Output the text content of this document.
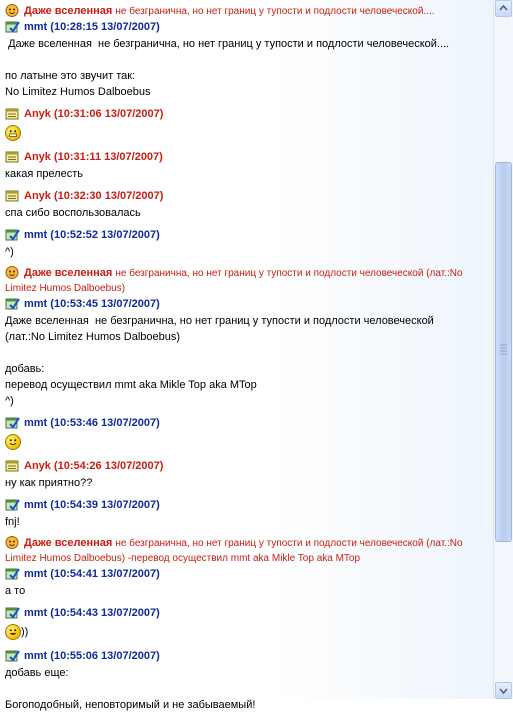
Даже вселенная не безгранична, но нет границ у тупости и подлости человеческой....
mmt (10:28:15 13/07/2007)
Даже вселенная  не безгранична, но нет границ у тупости и подлости человеческой....
по латыне это звучит так:
No Limitez Humos Dalboebus
Anyk (10:31:06 13/07/2007)
Anyk (10:31:11 13/07/2007)
какая прелесть
Anyk (10:32:30 13/07/2007)
спа сибо воспользовалась
mmt (10:52:52 13/07/2007)
^)
Даже вселенная не безгранична, но нет границ у тупости и подлости человеческой (лат.:No Limitez Humos Dalboebus)
mmt (10:53:45 13/07/2007)
Даже вселенная  не безгранична, но нет границ у тупости и подлости человеческой
(лат.:No Limitez Humos Dalboebus)
добавь:
перевод осуществил mmt aka Mikle Top aka MTop
^)
mmt (10:53:46 13/07/2007)
Anyk (10:54:26 13/07/2007)
ну как приятно??
mmt (10:54:39 13/07/2007)
fnj!
Даже вселенная не безгранична, но нет границ у тупости и подлости человеческой (лат.:No Limitez Humos Dalboebus) -перевод осуществил mmt aka Mikle Top aka MTop
mmt (10:54:41 13/07/2007)
а то
mmt (10:54:43 13/07/2007)
))
mmt (10:55:06 13/07/2007)
добавь еще:
Богоподобный, неповторимый и не забываемый!
